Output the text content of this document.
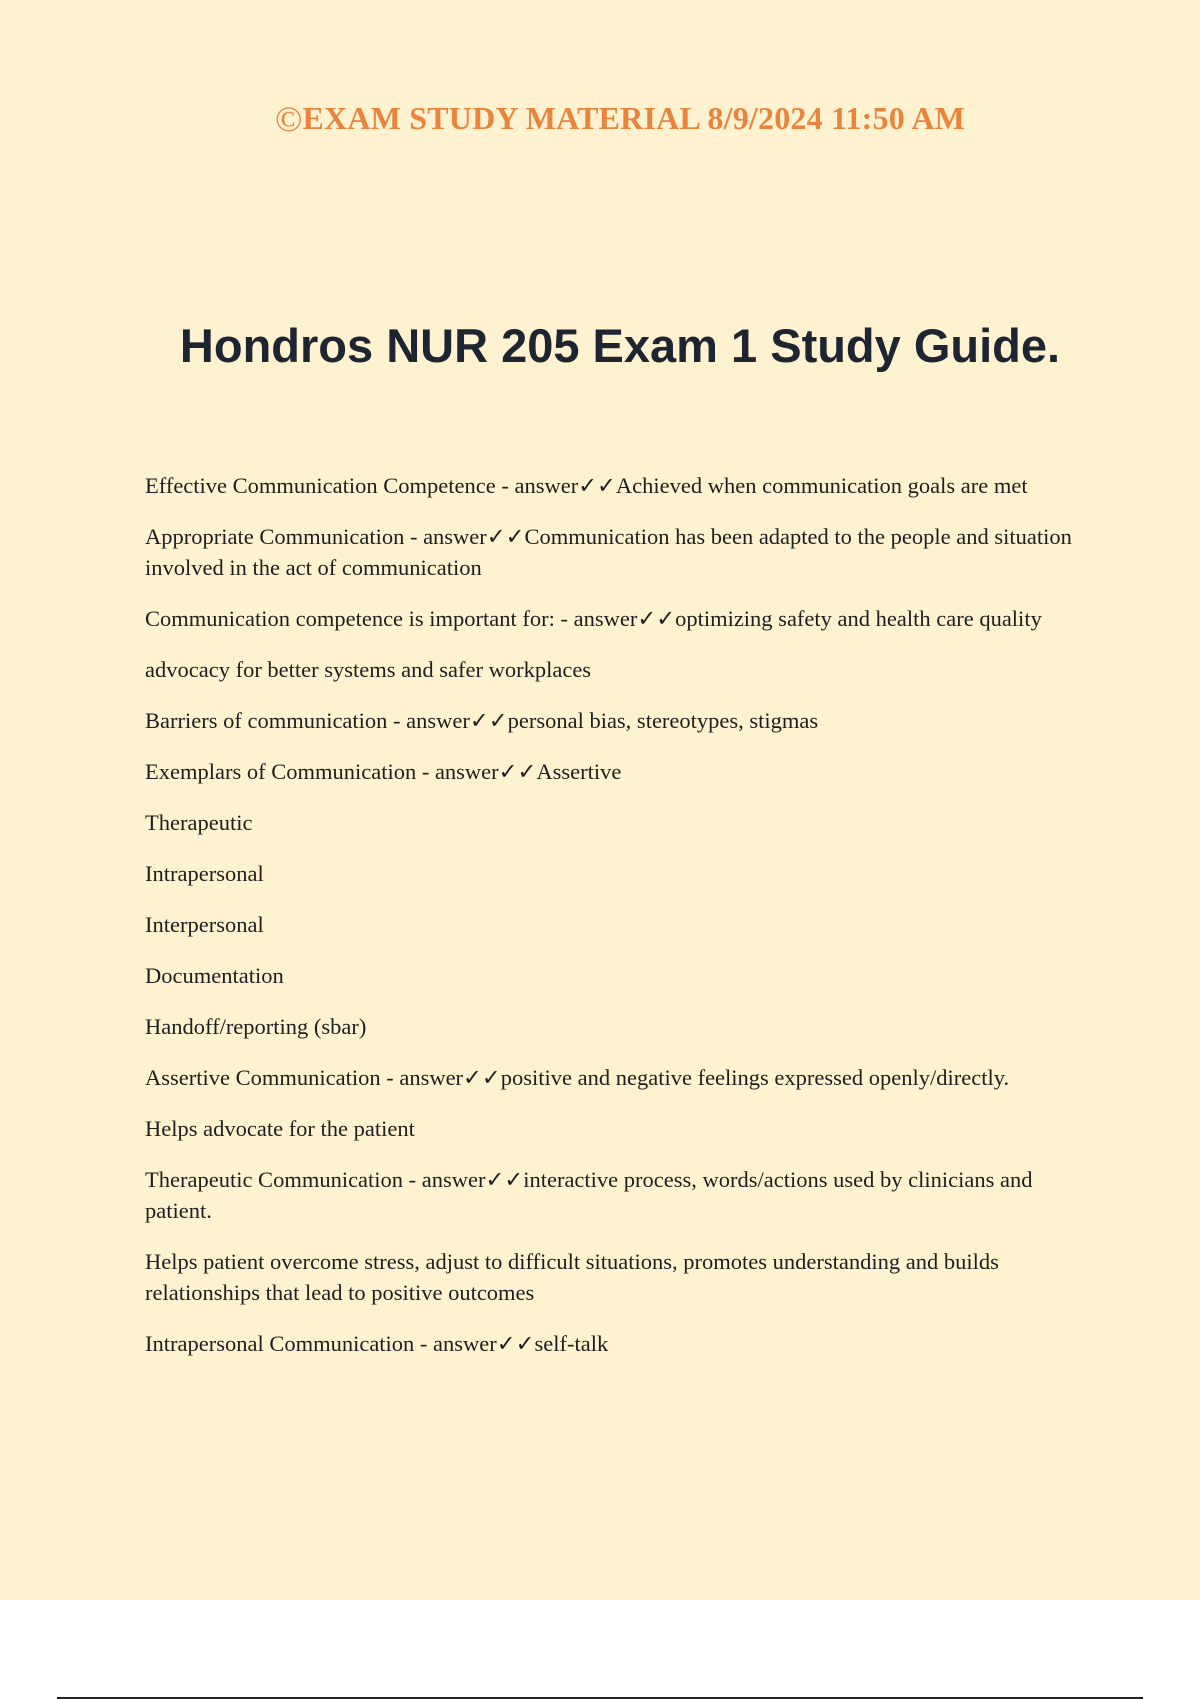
©EXAM STUDY MATERIAL 8/9/2024 11:50 AM
Hondros NUR 205 Exam 1 Study Guide.

Effective Communication Competence - answer✓✓Achieved when communication goals are met

Appropriate Communication - answer✓✓Communication has been adapted to the people and situation involved in the act of communication

Communication competence is important for: - answer✓✓optimizing safety and health care quality

advocacy for better systems and safer workplaces

Barriers of communication - answer✓✓personal bias, stereotypes, stigmas

Exemplars of Communication - answer✓✓Assertive

Therapeutic

Intrapersonal

Interpersonal

Documentation

Handoff/reporting (sbar)

Assertive Communication - answer✓✓positive and negative feelings expressed openly/directly.

Helps advocate for the patient

Therapeutic Communication - answer✓✓interactive process, words/actions used by clinicians and patient.

Helps patient overcome stress, adjust to difficult situations, promotes understanding and builds relationships that lead to positive outcomes

Intrapersonal Communication - answer✓✓self-talk
